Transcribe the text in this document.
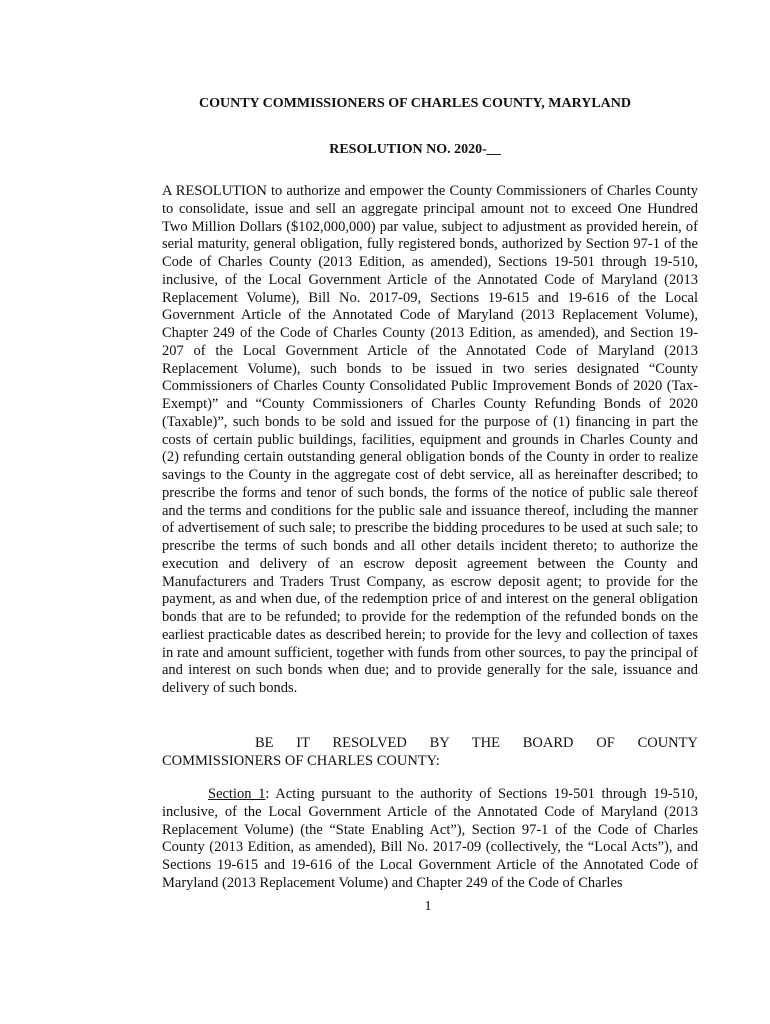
COUNTY COMMISSIONERS OF CHARLES COUNTY, MARYLAND
RESOLUTION NO. 2020-__
A RESOLUTION to authorize and empower the County Commissioners of Charles County to consolidate, issue and sell an aggregate principal amount not to exceed One Hundred Two Million Dollars ($102,000,000) par value, subject to adjustment as provided herein, of serial maturity, general obligation, fully registered bonds, authorized by Section 97-1 of the Code of Charles County (2013 Edition, as amended), Sections 19-501 through 19-510, inclusive, of the Local Government Article of the Annotated Code of Maryland (2013 Replacement Volume), Bill No. 2017-09, Sections 19-615 and 19-616 of the Local Government Article of the Annotated Code of Maryland (2013 Replacement Volume), Chapter 249 of the Code of Charles County (2013 Edition, as amended), and Section 19-207 of the Local Government Article of the Annotated Code of Maryland (2013 Replacement Volume), such bonds to be issued in two series designated “County Commissioners of Charles County Consolidated Public Improvement Bonds of 2020 (Tax-Exempt)” and “County Commissioners of Charles County Refunding Bonds of 2020 (Taxable)”, such bonds to be sold and issued for the purpose of (1) financing in part the costs of certain public buildings, facilities, equipment and grounds in Charles County and (2) refunding certain outstanding general obligation bonds of the County in order to realize savings to the County in the aggregate cost of debt service, all as hereinafter described; to prescribe the forms and tenor of such bonds, the forms of the notice of public sale thereof and the terms and conditions for the public sale and issuance thereof, including the manner of advertisement of such sale; to prescribe the bidding procedures to be used at such sale; to prescribe the terms of such bonds and all other details incident thereto; to authorize the execution and delivery of an escrow deposit agreement between the County and Manufacturers and Traders Trust Company, as escrow deposit agent; to provide for the payment, as and when due, of the redemption price of and interest on the general obligation bonds that are to be refunded; to provide for the redemption of the refunded bonds on the earliest practicable dates as described herein; to provide for the levy and collection of taxes in rate and amount sufficient, together with funds from other sources, to pay the principal of and interest on such bonds when due; and to provide generally for the sale, issuance and delivery of such bonds.
BE IT RESOLVED BY THE BOARD OF COUNTY
COMMISSIONERS OF CHARLES COUNTY:
Section 1: Acting pursuant to the authority of Sections 19-501 through 19-510, inclusive, of the Local Government Article of the Annotated Code of Maryland (2013 Replacement Volume) (the “State Enabling Act”), Section 97-1 of the Code of Charles County (2013 Edition, as amended), Bill No. 2017-09 (collectively, the “Local Acts”), and Sections 19-615 and 19-616 of the Local Government Article of the Annotated Code of Maryland (2013 Replacement Volume) and Chapter 249 of the Code of Charles
1
